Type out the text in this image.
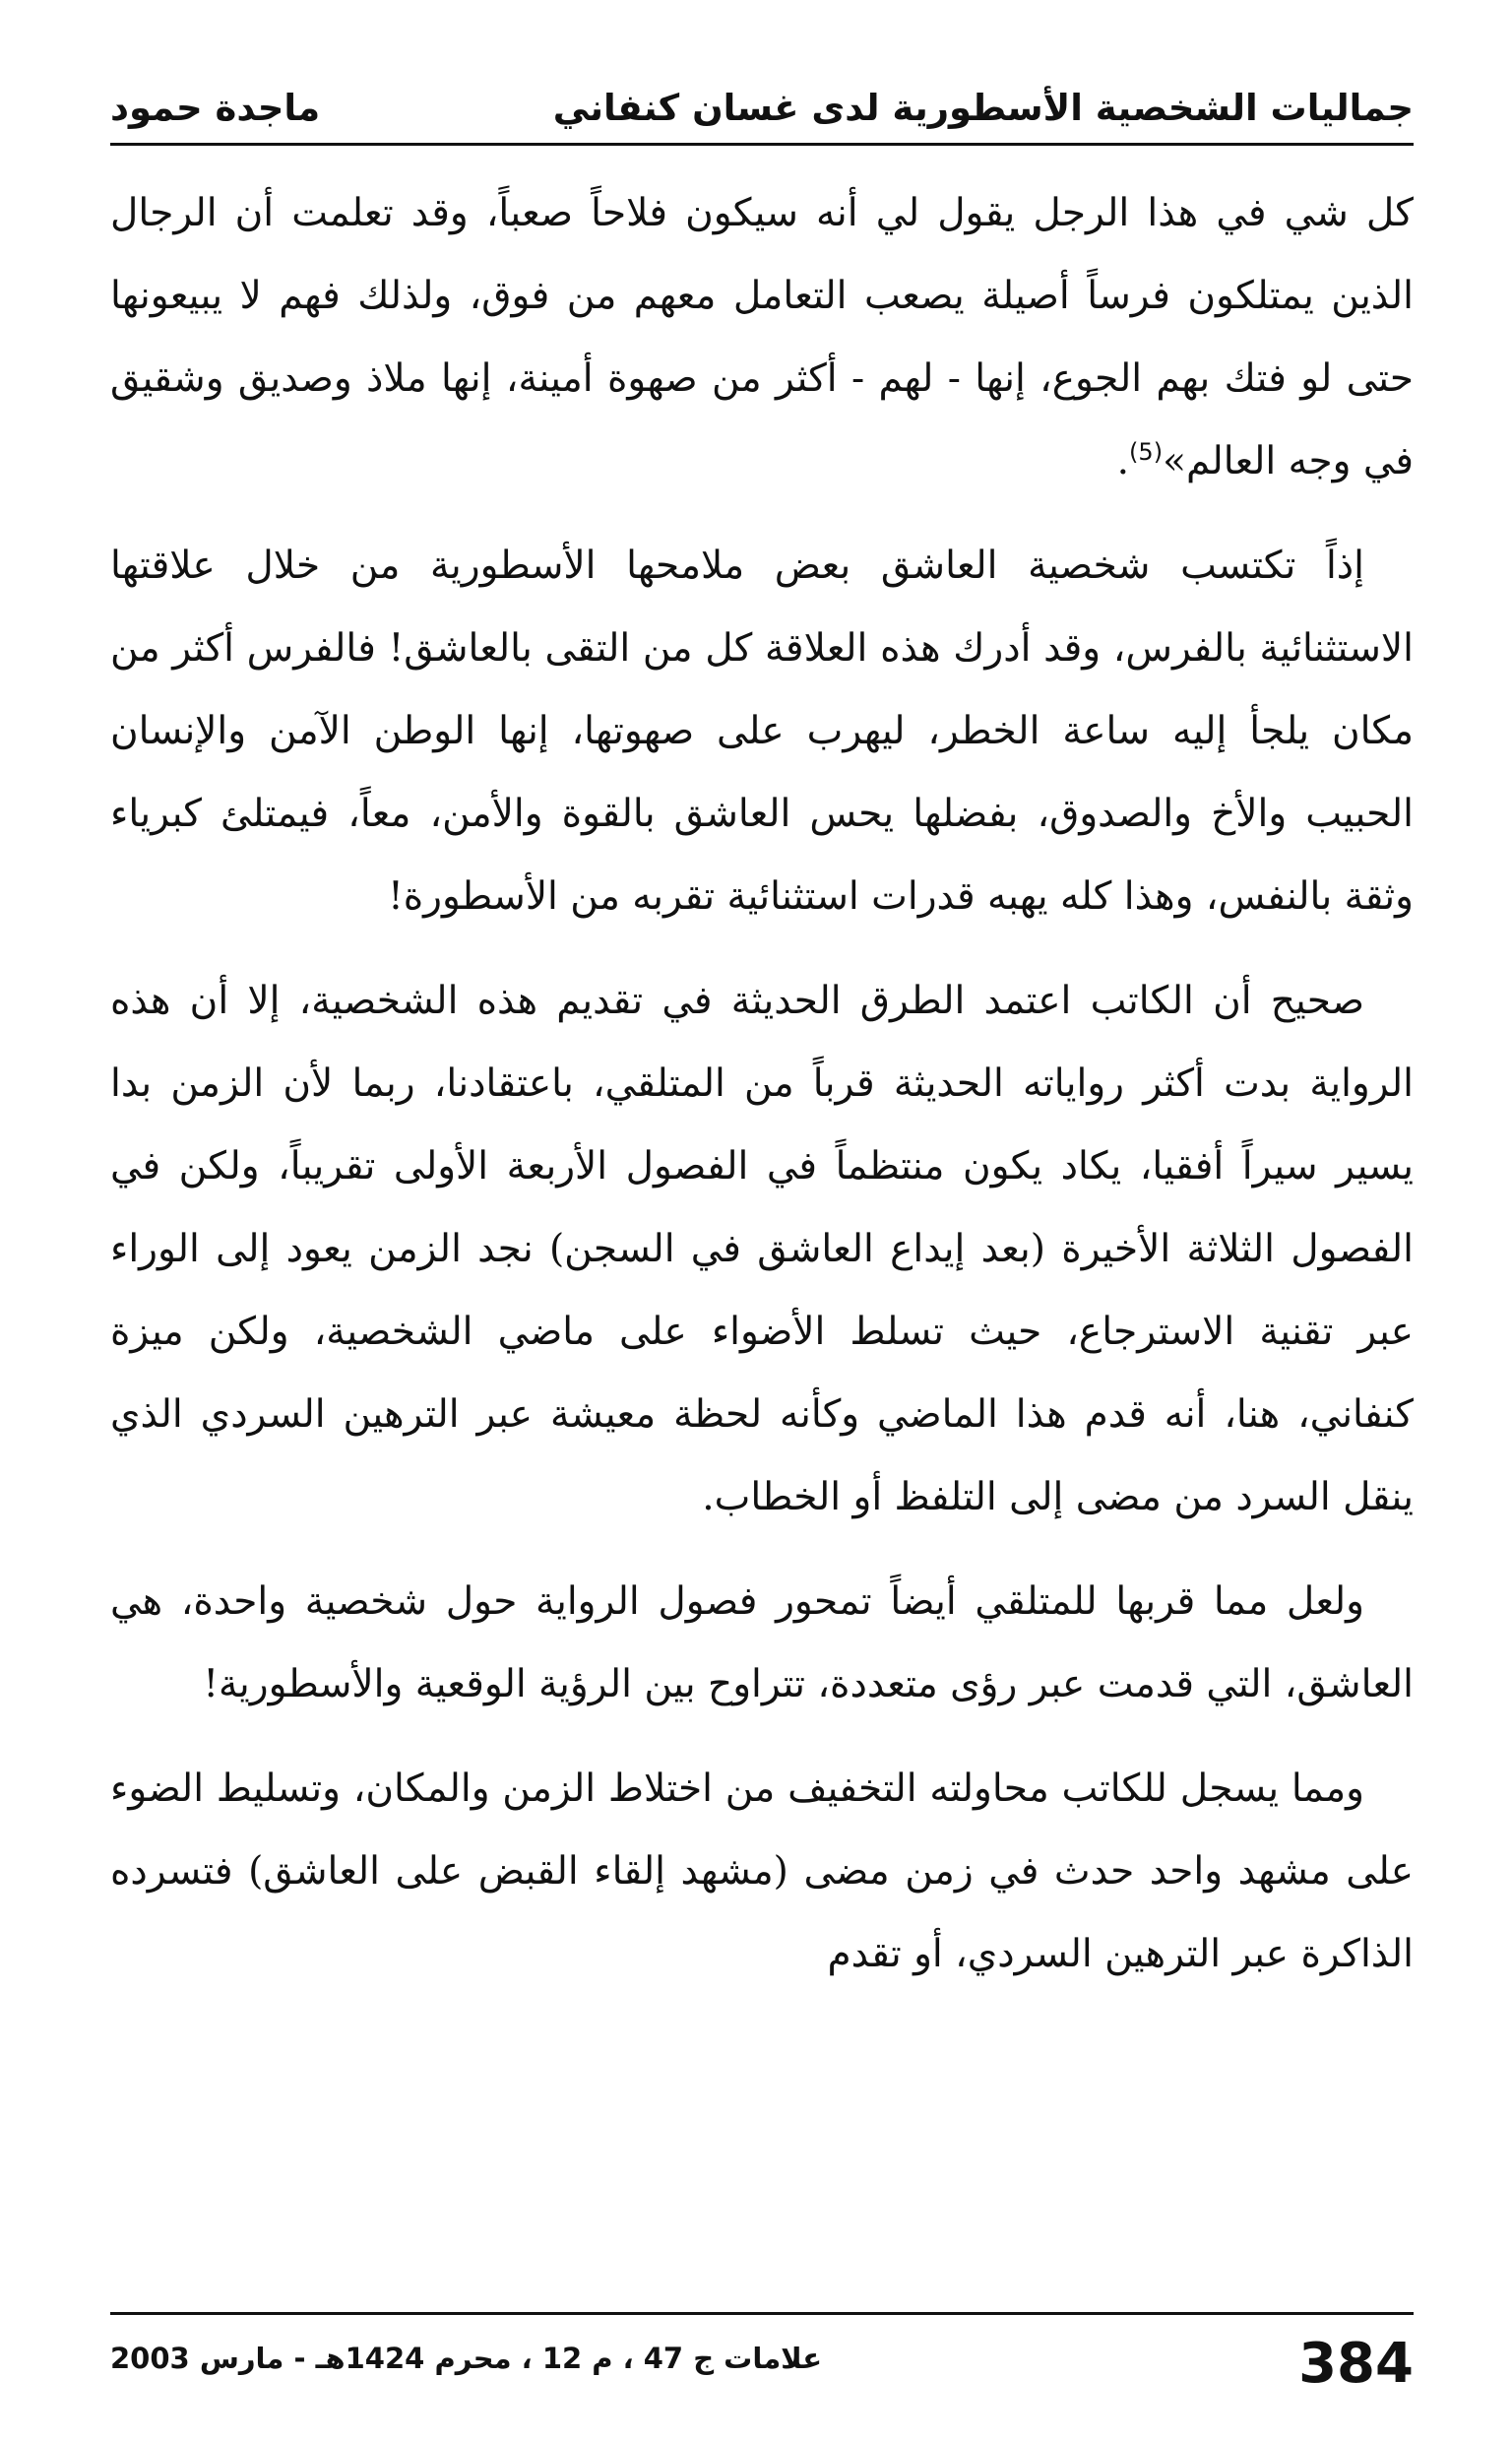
جماليات الشخصية الأسطورية لدى غسان كنفاني
ماجدة حمود

كل شي في هذا الرجل يقول لي أنه سيكون فلاحاً صعباً، وقد تعلمت أن الرجال الذين يمتلكون فرساً أصيلة يصعب التعامل معهم من فوق، ولذلك فهم لا يبيعونها حتى لو فتك بهم الجوع، إنها - لهم - أكثر من صهوة أمينة، إنها ملاذ وصديق وشقيق في وجه العالم»$^{(5)}$.

إذاً تكتسب شخصية العاشق بعض ملامحها الأسطورية من خلال علاقتها الاستثنائية بالفرس، وقد أدرك هذه العلاقة كل من التقى بالعاشق! فالفرس أكثر من مكان يلجأ إليه ساعة الخطر، ليهرب على صهوتها، إنها الوطن الآمن والإنسان الحبيب والأخ والصدوق، بفضلها يحس العاشق بالقوة والأمن، معاً، فيمتلئ كبرياء وثقة بالنفس، وهذا كله يهبه قدرات استثنائية تقربه من الأسطورة!

صحيح أن الكاتب اعتمد الطرق الحديثة في تقديم هذه الشخصية، إلا أن هذه الرواية بدت أكثر رواياته الحديثة قرباً من المتلقي، باعتقادنا، ربما لأن الزمن بدا يسير سيراً أفقيا، يكاد يكون منتظماً في الفصول الأربعة الأولى تقريباً، ولكن في الفصول الثلاثة الأخيرة (بعد إيداع العاشق في السجن) نجد الزمن يعود إلى الوراء عبر تقنية الاسترجاع، حيث تسلط الأضواء على ماضي الشخصية، ولكن ميزة كنفاني، هنا، أنه قدم هذا الماضي وكأنه لحظة معيشة عبر الترهين السردي الذي ينقل السرد من مضى إلى التلفظ أو الخطاب.

ولعل مما قربها للمتلقي أيضاً تمحور فصول الرواية حول شخصية واحدة، هي العاشق، التي قدمت عبر رؤى متعددة، تتراوح بين الرؤية الوقعية والأسطورية!

ومما يسجل للكاتب محاولته التخفيف من اختلاط الزمن والمكان، وتسليط الضوء على مشهد واحد حدث في زمن مضى (مشهد إلقاء القبض على العاشق) فتسرده الذاكرة عبر الترهين السردي، أو تقدم

384
علامات ج 47 ، م 12 ، محرم 1424هـ - مارس 2003
